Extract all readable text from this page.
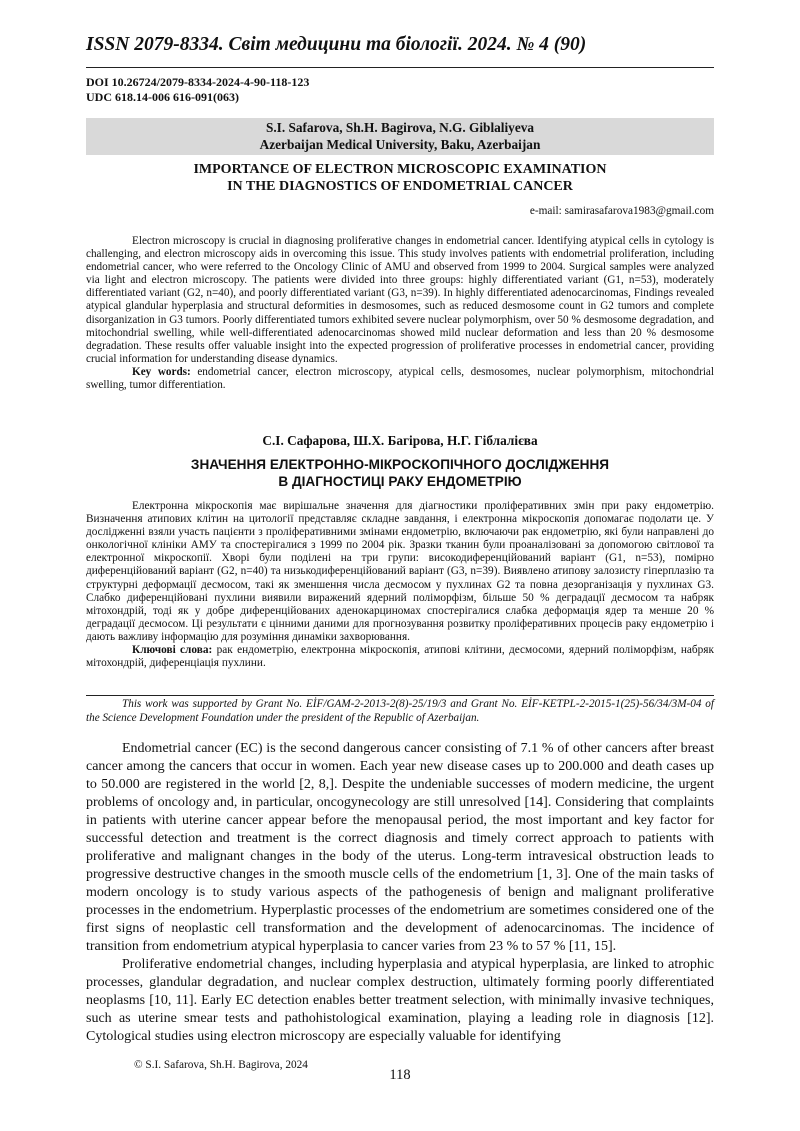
ISSN 2079-8334. Світ медицини та біології. 2024. № 4 (90)
DOI 10.26724/2079-8334-2024-4-90-118-123
UDC 618.14-006 616-091(063)
S.I. Safarova, Sh.H. Bagirova, N.G. Giblaliyeva
Azerbaijan Medical University, Baku, Azerbaijan
IMPORTANCE OF ELECTRON MICROSCOPIC EXAMINATION
IN THE DIAGNOSTICS OF ENDOMETRIAL CANCER
e-mail: samirasafarova1983@gmail.com

Electron microscopy is crucial in diagnosing proliferative changes in endometrial cancer. Identifying atypical cells in cytology is challenging, and electron microscopy aids in overcoming this issue. This study involves patients with endometrial proliferation, including endometrial cancer, who were referred to the Oncology Clinic of AMU and observed from 1999 to 2004. Surgical samples were analyzed via light and electron microscopy. The patients were divided into three groups: highly differentiated variant (G1, n=53), moderately differentiated variant (G2, n=40), and poorly differentiated variant (G3, n=39). In highly differentiated adenocarcinomas, Findings revealed atypical glandular hyperplasia and structural deformities in desmosomes, such as reduced desmosome count in G2 tumors and complete disorganization in G3 tumors. Poorly differentiated tumors exhibited severe nuclear polymorphism, over 50 % desmosome degradation, and mitochondrial swelling, while well-differentiated adenocarcinomas showed mild nuclear deformation and less than 20 % desmosome degradation. These results offer valuable insight into the expected progression of proliferative processes in endometrial cancer, providing crucial information for understanding disease dynamics.

Key words: endometrial cancer, electron microscopy, atypical cells, desmosomes, nuclear polymorphism, mitochondrial swelling, tumor differentiation.

С.І. Сафарова, Ш.Х. Багірова, Н.Г. Гіблалієва
ЗНАЧЕННЯ ЕЛЕКТРОННО-МІКРОСКОПІЧНОГО ДОСЛІДЖЕННЯ
В ДІАГНОСТИЦІ РАКУ ЕНДОМЕТРІЮ

Електронна мікроскопія має вирішальне значення для діагностики проліферативних змін при раку ендометрію. Визначення атипових клітин на цитології представляє складне завдання, і електронна мікроскопія допомагає подолати це. У дослідженні взяли участь пацієнти з проліферативними змінами ендометрію, включаючи рак ендометрію, які були направлені до онкологічної клініки АМУ та спостерігалися з 1999 по 2004 рік. Зразки тканин були проаналізовані за допомогою світлової та електронної мікроскопії. Хворі були поділені на три групи: високодиференційований варіант (G1, n=53), помірно диференційований варіант (G2, n=40) та низькодиференційований варіант (G3, n=39). Виявлено атипову залозисту гіперплазію та структурні деформації десмосом, такі як зменшення числа десмосом у пухлинах G2 та повна дезорганізація у пухлинах G3. Слабко диференційовані пухлини виявили виражений ядерний поліморфізм, більше 50 % деградації десмосом та набряк мітохондрій, тоді як у добре диференційованих аденокарциномах спостерігалися слабка деформація ядер та менше 20 % деградації десмосом. Ці результати є цінними даними для прогнозування розвитку проліферативних процесів раку ендометрію і дають важливу інформацію для розуміння динаміки захворювання.

Ключові слова: рак ендометрію, електронна мікроскопія, атипові клітини, десмосоми, ядерний поліморфізм, набряк мітохондрій, диференціація пухлини.

This work was supported by Grant No. EİF/GAM-2-2013-2(8)-25/19/3 and Grant No. EİF-KETPL-2-2015-1(25)-56/34/3M-04 of the Science Development Foundation under the president of the Republic of Azerbaijan.

Endometrial cancer (EC) is the second dangerous cancer consisting of 7.1 % of other cancers after breast cancer among the cancers that occur in women. Each year new disease cases up to 200.000 and death cases up to 50.000 are registered in the world [2, 8,]. Despite the undeniable successes of modern medicine, the urgent problems of oncology and, in particular, oncogynecology are still unresolved [14]. Considering that complaints in patients with uterine cancer appear before the menopausal period, the most important and key factor for successful detection and treatment is the correct diagnosis and timely correct approach to patients with proliferative and malignant changes in the body of the uterus. Long-term intravesical obstruction leads to progressive destructive changes in the smooth muscle cells of the endometrium [1, 3]. One of the main tasks of modern oncology is to study various aspects of the pathogenesis of benign and malignant proliferative processes in the endometrium. Hyperplastic processes of the endometrium are sometimes considered one of the first signs of neoplastic cell transformation and the development of adenocarcinomas. The incidence of transition from endometrium atypical hyperplasia to cancer varies from 23 % to 57 % [11, 15].

Proliferative endometrial changes, including hyperplasia and atypical hyperplasia, are linked to atrophic processes, glandular degradation, and nuclear complex destruction, ultimately forming poorly differentiated neoplasms [10, 11]. Early EC detection enables better treatment selection, with minimally invasive techniques, such as uterine smear tests and pathohistological examination, playing a leading role in diagnosis [12]. Cytological studies using electron microscopy are especially valuable for identifying

© S.I. Safarova, Sh.H. Bagirova, 2024
118
